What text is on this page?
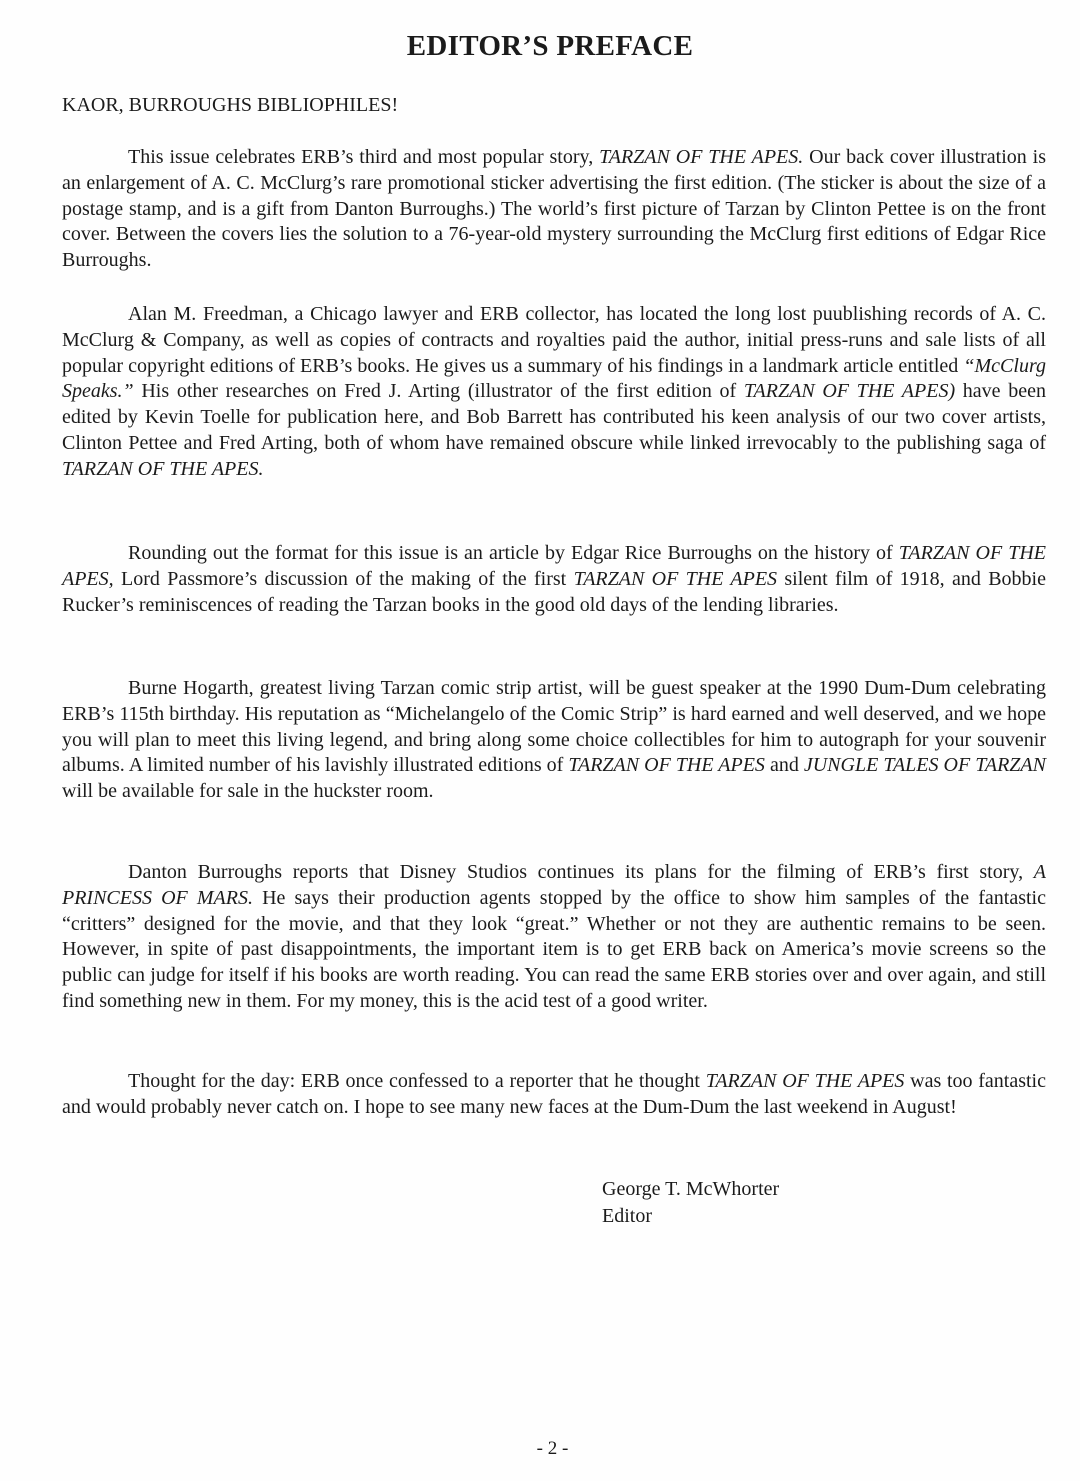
EDITOR’S PREFACE

KAOR, BURROUGHS BIBLIOPHILES!

This issue celebrates ERB’s third and most popular story, TARZAN OF THE APES. Our back cover illustration is an enlargement of A. C. McClurg’s rare promotional sticker advertising the first edition. (The sticker is about the size of a postage stamp, and is a gift from Danton Burroughs.) The world’s first picture of Tarzan by Clinton Pettee is on the front cover. Between the covers lies the solution to a 76-year-old mystery surrounding the McClurg first editions of Edgar Rice Burroughs.

Alan M. Freedman, a Chicago lawyer and ERB collector, has located the long lost puublishing records of A. C. McClurg & Company, as well as copies of contracts and royalties paid the author, initial press-runs and sale lists of all popular copyright editions of ERB’s books. He gives us a summary of his findings in a landmark article entitled “McClurg Speaks.” His other researches on Fred J. Arting (illustrator of the first edition of TARZAN OF THE APES) have been edited by Kevin Toelle for publication here, and Bob Barrett has contributed his keen analysis of our two cover artists, Clinton Pettee and Fred Arting, both of whom have remained obscure while linked irrevocably to the publishing saga of TARZAN OF THE APES.

Rounding out the format for this issue is an article by Edgar Rice Burroughs on the history of TARZAN OF THE APES, Lord Passmore’s discussion of the making of the first TARZAN OF THE APES silent film of 1918, and Bobbie Rucker’s reminiscences of reading the Tarzan books in the good old days of the lending libraries.

Burne Hogarth, greatest living Tarzan comic strip artist, will be guest speaker at the 1990 Dum-Dum celebrating ERB’s 115th birthday. His reputation as “Michelangelo of the Comic Strip” is hard earned and well deserved, and we hope you will plan to meet this living legend, and bring along some choice collectibles for him to autograph for your souvenir albums. A limited number of his lavishly illustrated editions of TARZAN OF THE APES and JUNGLE TALES OF TARZAN will be available for sale in the huckster room.

Danton Burroughs reports that Disney Studios continues its plans for the filming of ERB’s first story, A PRINCESS OF MARS. He says their production agents stopped by the office to show him samples of the fantastic “critters” designed for the movie, and that they look “great.” Whether or not they are authentic remains to be seen. However, in spite of past disappointments, the important item is to get ERB back on America’s movie screens so the public can judge for itself if his books are worth reading. You can read the same ERB stories over and over again, and still find something new in them. For my money, this is the acid test of a good writer.

Thought for the day: ERB once confessed to a reporter that he thought TARZAN OF THE APES was too fantastic and would probably never catch on. I hope to see many new faces at the Dum-Dum the last weekend in August!

George T. McWhorter
Editor
- 2 -
